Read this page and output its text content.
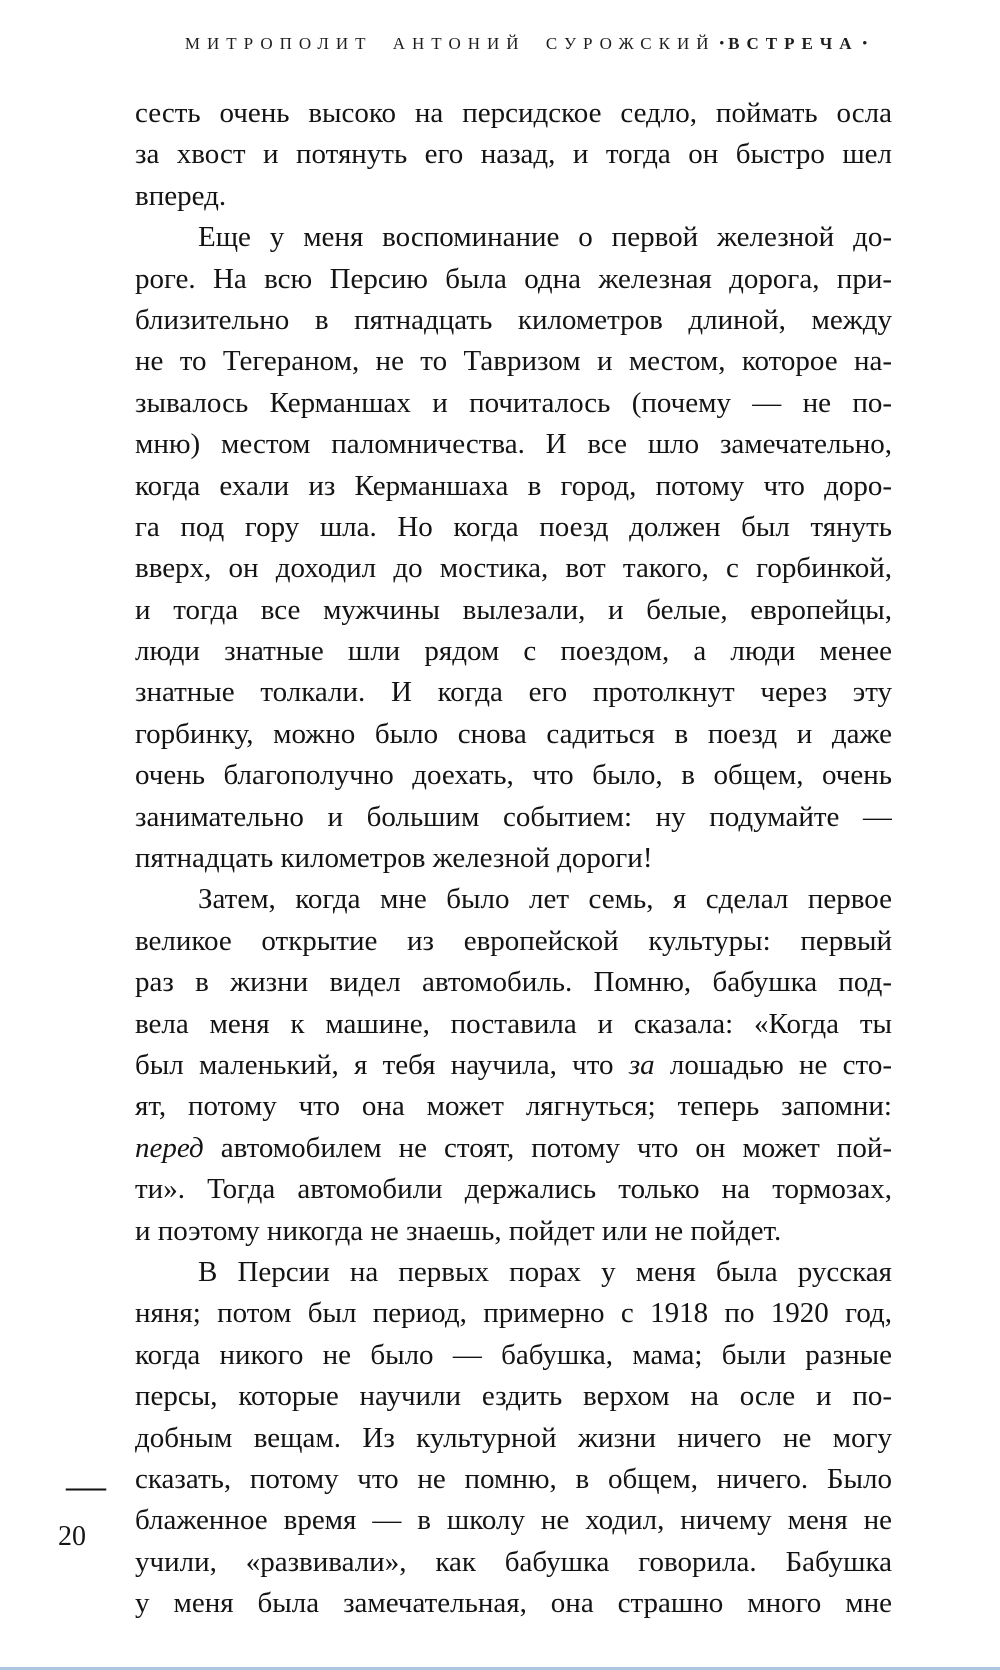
МИТРОПОЛИТ АНТОНИЙ СУРОЖСКИЙ • ВСТРЕЧА •
сесть очень высоко на персидское седло, поймать осла
за хвост и потянуть его назад, и тогда он быстро шел
вперед.
Еще у меня воспоминание о первой железной до-
роге. На всю Персию была одна железная дорога, при-
близительно в пятнадцать километров длиной, между
не то Тегераном, не то Тавризом и местом, которое на-
зывалось Керманшах и почиталось (почему — не по-
мню) местом паломничества. И все шло замечательно,
когда ехали из Керманшаха в город, потому что доро-
га под гору шла. Но когда поезд должен был тянуть
вверх, он доходил до мостика, вот такого, с горбинкой,
и тогда все мужчины вылезали, и белые, европейцы,
люди знатные шли рядом с поездом, а люди менее
знатные толкали. И когда его протолкнут через эту
горбинку, можно было снова садиться в поезд и даже
очень благополучно доехать, что было, в общем, очень
занимательно и большим событием: ну подумайте —
пятнадцать километров железной дороги!
Затем, когда мне было лет семь, я сделал первое
великое открытие из европейской культуры: первый
раз в жизни видел автомобиль. Помню, бабушка под-
вела меня к машине, поставила и сказала: «Когда ты
был маленький, я тебя научила, что за лошадью не сто-
ят, потому что она может лягнуться; теперь запомни:
перед автомобилем не стоят, потому что он может пой-
ти». Тогда автомобили держались только на тормозах,
и поэтому никогда не знаешь, пойдет или не пойдет.
В Персии на первых порах у меня была русская
няня; потом был период, примерно с 1918 по 1920 год,
когда никого не было — бабушка, мама; были разные
персы, которые научили ездить верхом на осле и по-
добным вещам. Из культурной жизни ничего не могу
сказать, потому что не помню, в общем, ничего. Было
блаженное время — в школу не ходил, ничему меня не
учили, «развивали», как бабушка говорила. Бабушка
у меня была замечательная, она страшно много мне
—
20
